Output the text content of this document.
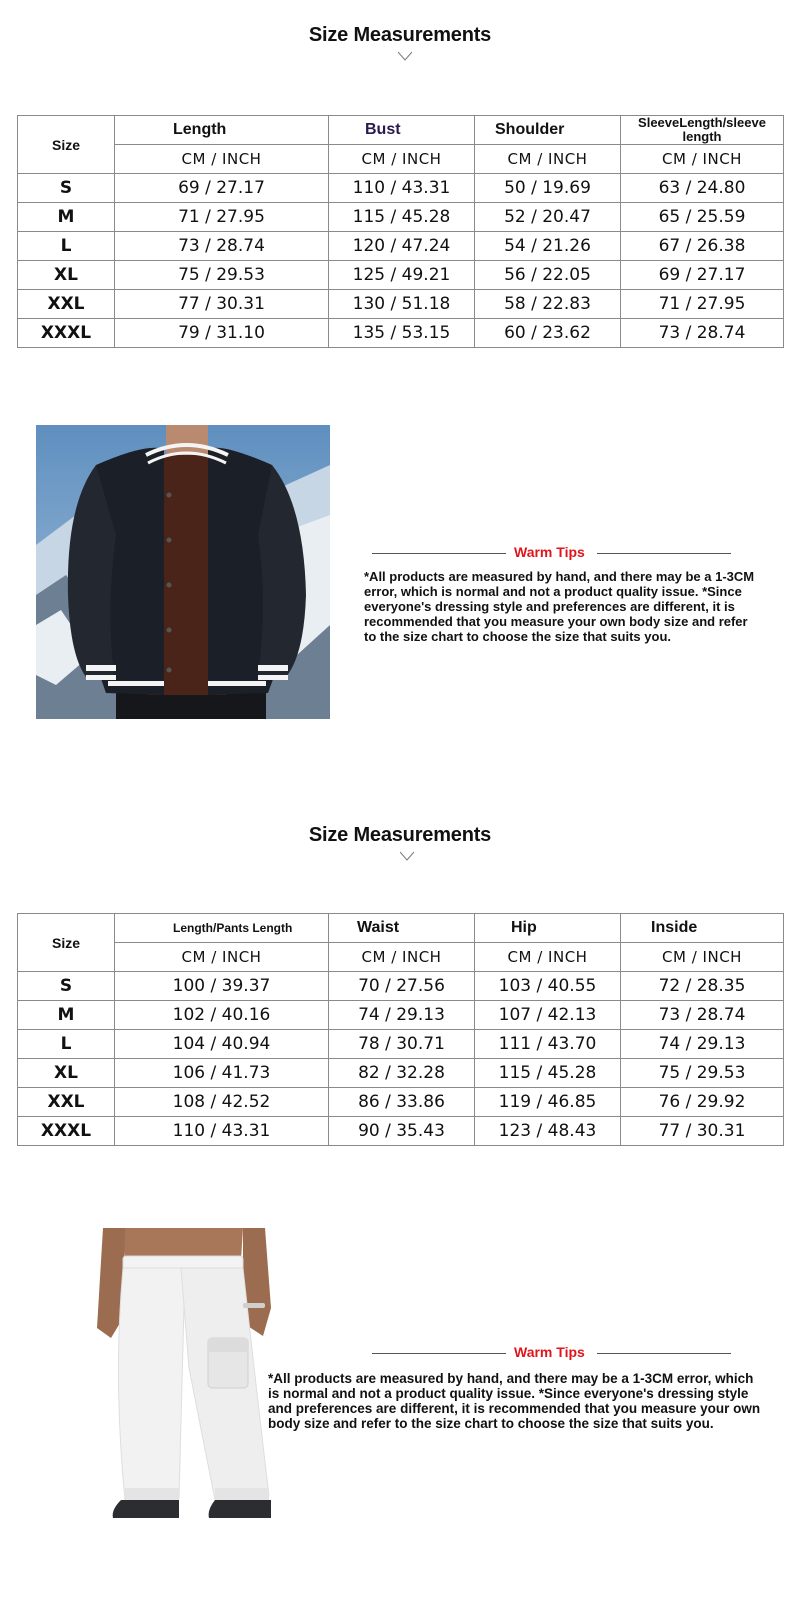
Size Measurements
Size	Length	Bust	Shoulder	SleeveLength/sleeve length
	CM / INCH	CM / INCH	CM / INCH	CM / INCH
S	69 / 27.17	110 / 43.31	50 / 19.69	63 / 24.80
M	71 / 27.95	115 / 45.28	52 / 20.47	65 / 25.59
L	73 / 28.74	120 / 47.24	54 / 21.26	67 / 26.38
XL	75 / 29.53	125 / 49.21	56 / 22.05	69 / 27.17
XXL	77 / 30.31	130 / 51.18	58 / 22.83	71 / 27.95
XXXL	79 / 31.10	135 / 53.15	60 / 23.62	73 / 28.74
Warm Tips
*All products are measured by hand, and there may be a 1-3CM error, which is normal and not a product quality issue. *Since everyone's dressing style and preferences are different, it is recommended that you measure your own body size and refer to the size chart to choose the size that suits you.
Size Measurements
Size	Length/Pants Length	Waist	Hip	Inside
	CM / INCH	CM / INCH	CM / INCH	CM / INCH
S	100 / 39.37	70 / 27.56	103 / 40.55	72 / 28.35
M	102 / 40.16	74 / 29.13	107 / 42.13	73 / 28.74
L	104 / 40.94	78 / 30.71	111 / 43.70	74 / 29.13
XL	106 / 41.73	82 / 32.28	115 / 45.28	75 / 29.53
XXL	108 / 42.52	86 / 33.86	119 / 46.85	76 / 29.92
XXXL	110 / 43.31	90 / 35.43	123 / 48.43	77 / 30.31
Warm Tips
*All products are measured by hand, and there may be a 1-3CM error, which is normal and not a product quality issue. *Since everyone's dressing style and preferences are different, it is recommended that you measure your own body size and refer to the size chart to choose the size that suits you.
